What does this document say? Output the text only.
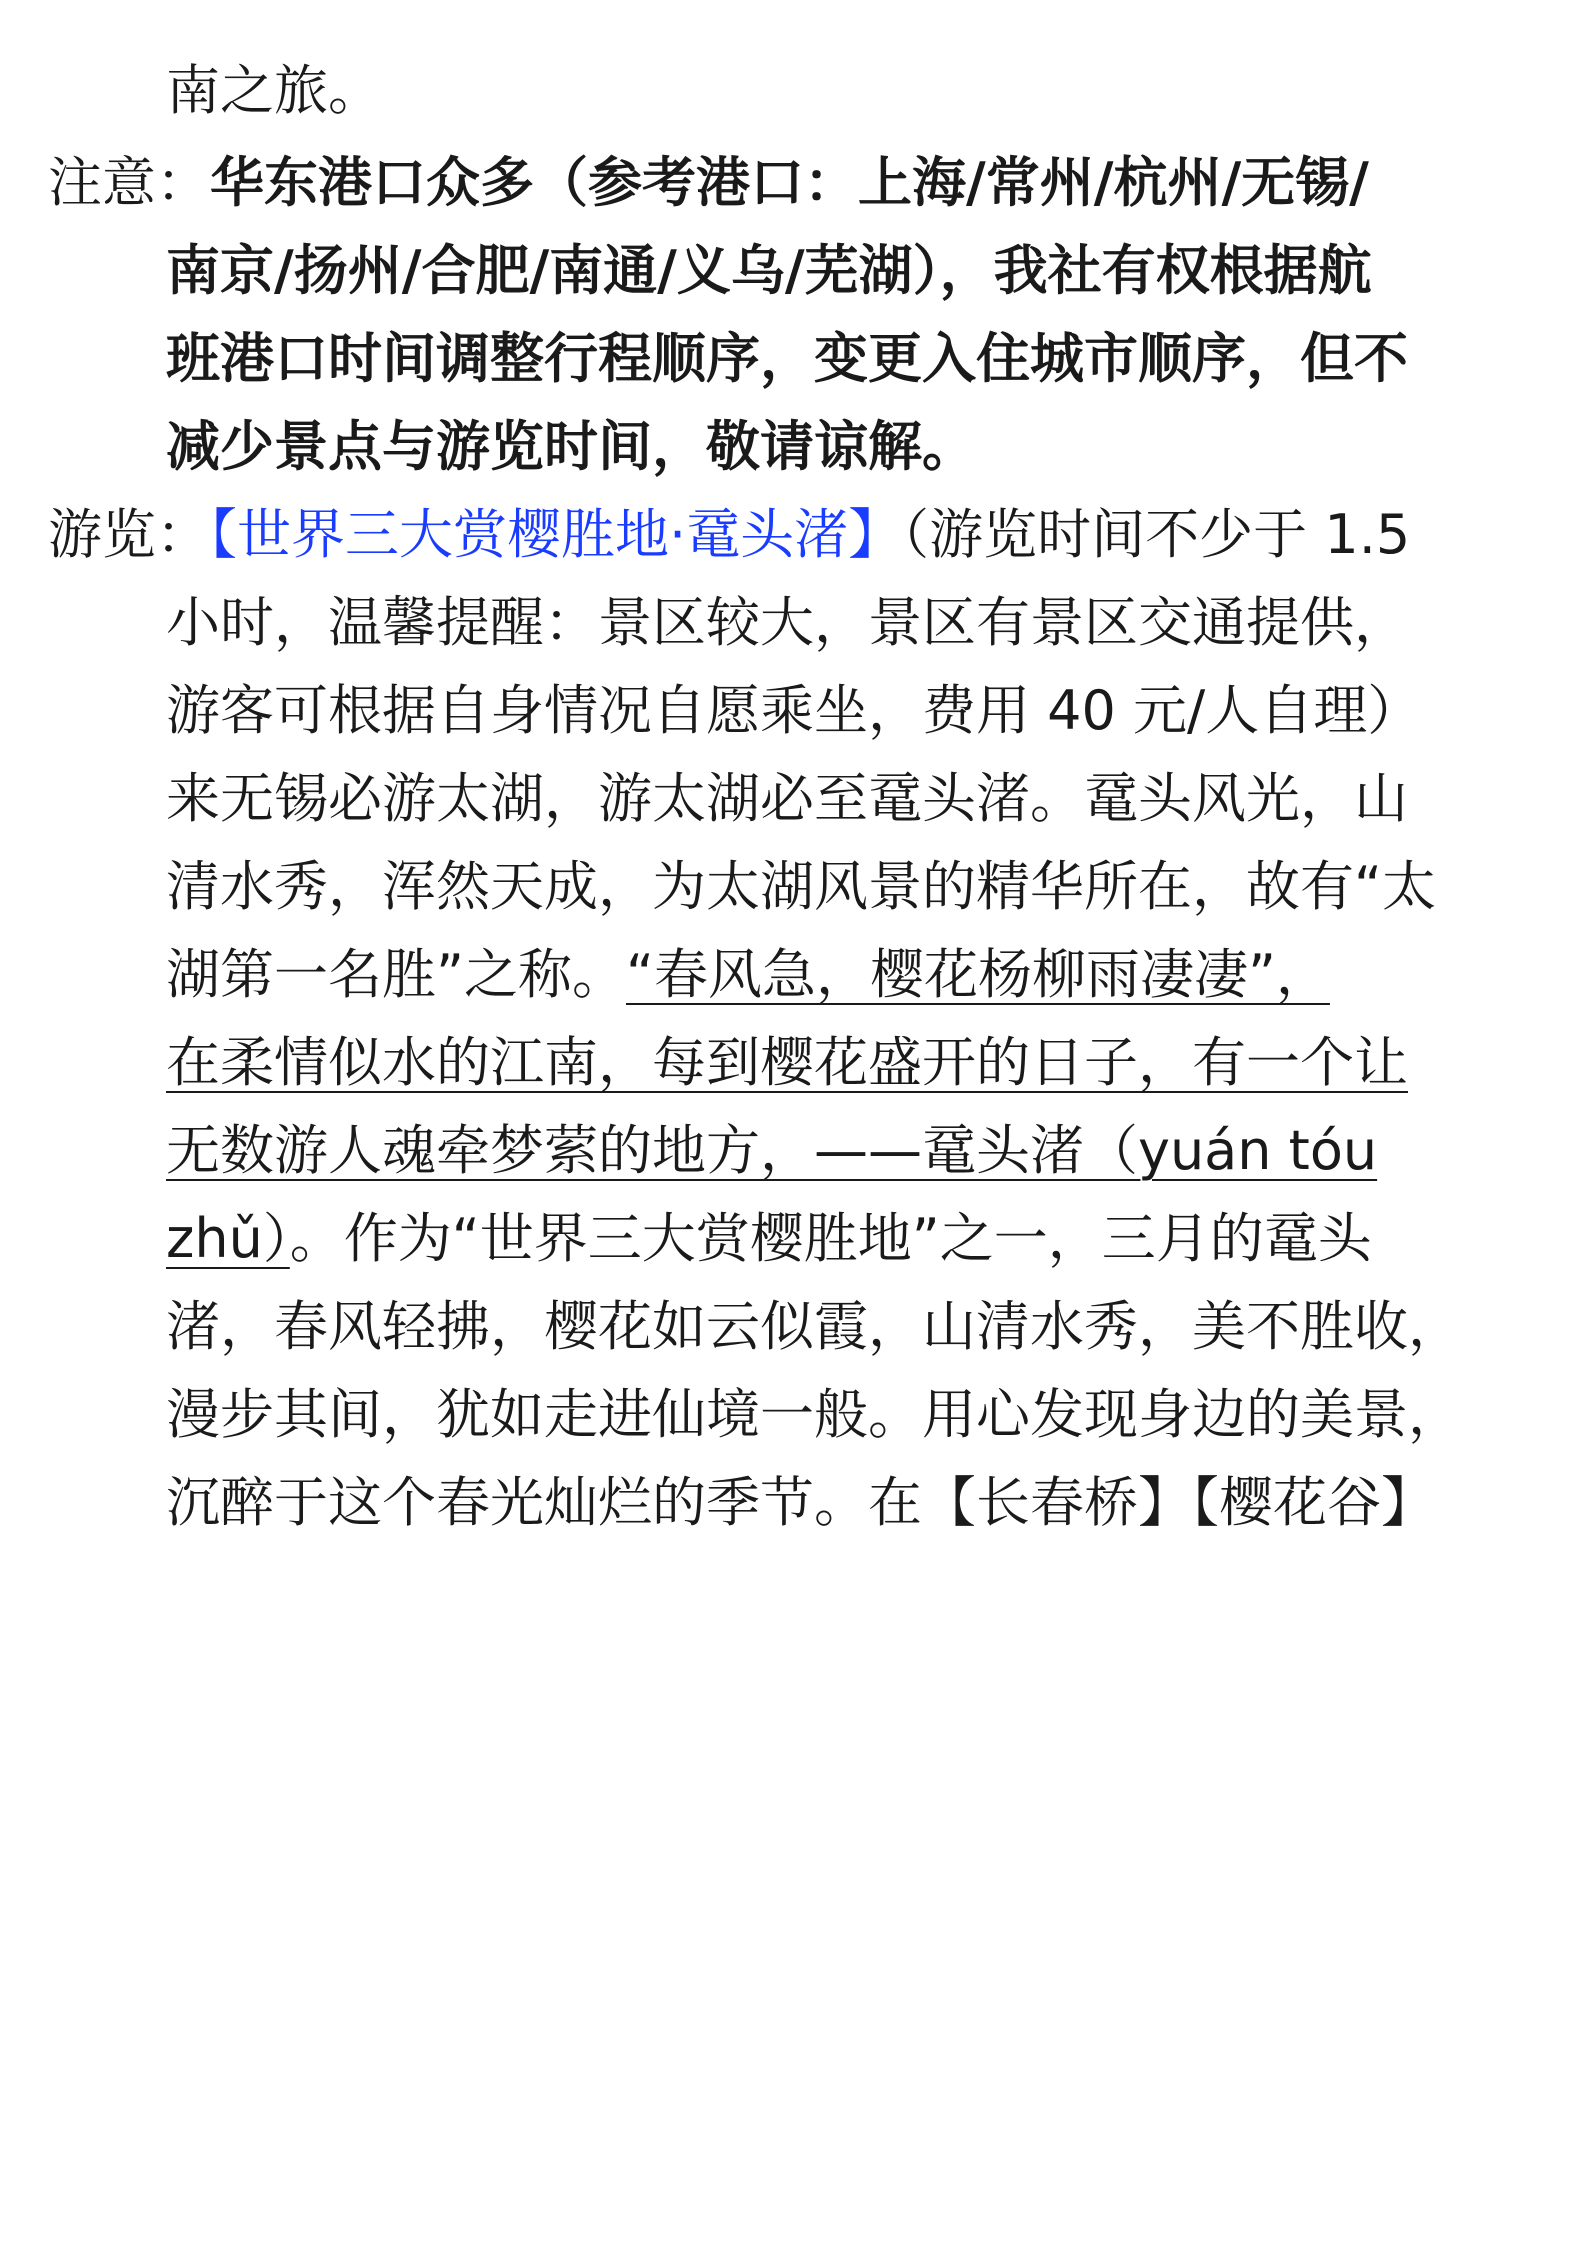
南之旅。
注意：华东港口众多（参考港口：上海/常州/杭州/无锡/
南京/扬州/合肥/南通/义乌/芜湖），我社有权根据航
班港口时间调整行程顺序，变更入住城市顺序，但不
减少景点与游览时间，敬请谅解。
游览：【世界三大赏樱胜地·鼋头渚】（游览时间不少于 1.5
小时，温馨提醒：景区较大，景区有景区交通提供，
游客可根据自身情况自愿乘坐，费用 40 元/人自理）
来无锡必游太湖，游太湖必至鼋头渚。鼋头风光，山
清水秀，浑然天成，为太湖风景的精华所在，故有“太
湖第一名胜”之称。“春风急，樱花杨柳雨凄凄”，
在柔情似水的江南，每到樱花盛开的日子，有一个让
无数游人魂牵梦萦的地方，——鼋头渚（yuán tóu
zhǔ）。作为“世界三大赏樱胜地”之一，三月的鼋头
渚，春风轻拂，樱花如云似霞，山清水秀，美不胜收，
漫步其间，犹如走进仙境一般。用心发现身边的美景，
沉醉于这个春光灿烂的季节。在【长春桥】【樱花谷】
